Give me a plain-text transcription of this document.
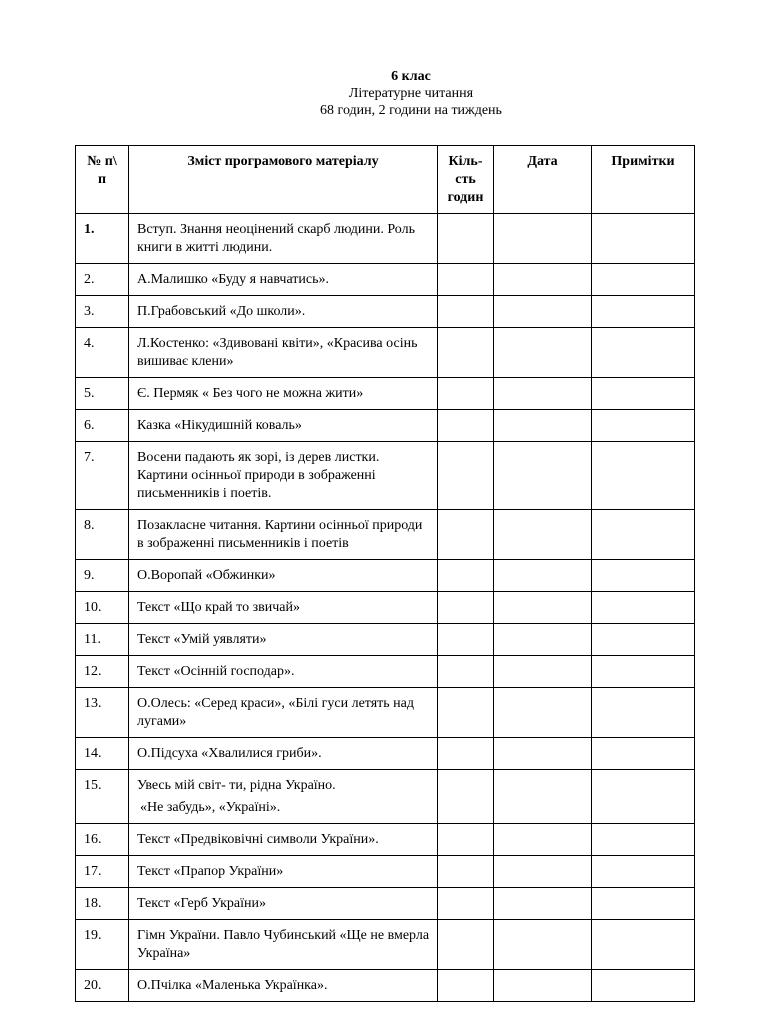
6 клас
Літературне читання
68 годин, 2 години на тиждень
№ п\ п	Зміст програмового матеріалу	Кіль-сть годин	Дата	Примітки
1.	Вступ. Знання неоцінений скарб людини. Роль книги в житті людини.			
2.	А.Малишко «Буду я навчатись».			
3.	П.Грабовський «До школи».			
4.	Л.Костенко: «Здивовані квіти», «Красива осінь вишиває клени»			
5.	Є. Пермяк « Без чого не можна жити»			
6.	Казка «Нікудишній коваль»			
7.	Восени падають як зорі, із дерев листки. Картини осінньої природи в зображенні письменників і поетів.			
8.	Позакласне читання. Картини осінньої природи в зображенні письменників і поетів			
9.	О.Воропай «Обжинки»			
10.	Текст «Що край то звичай»			
11.	Текст «Умій уявляти»			
12.	Текст «Осінній господар».			
13.	О.Олесь: «Серед краси», «Білі гуси летять над лугами»			
14.	О.Підсуха «Хвалилися гриби».			
15.	Увесь мій світ- ти, рідна Україно.
«Не забудь», «Україні».			

16.	Текст «Предвіковічні символи України».			
17.	Текст «Прапор України»			
18.	Текст «Герб України»			
19.	Гімн України. Павло Чубинський «Ще не вмерла Україна»			
20.	О.Пчілка «Маленька Українка».			
